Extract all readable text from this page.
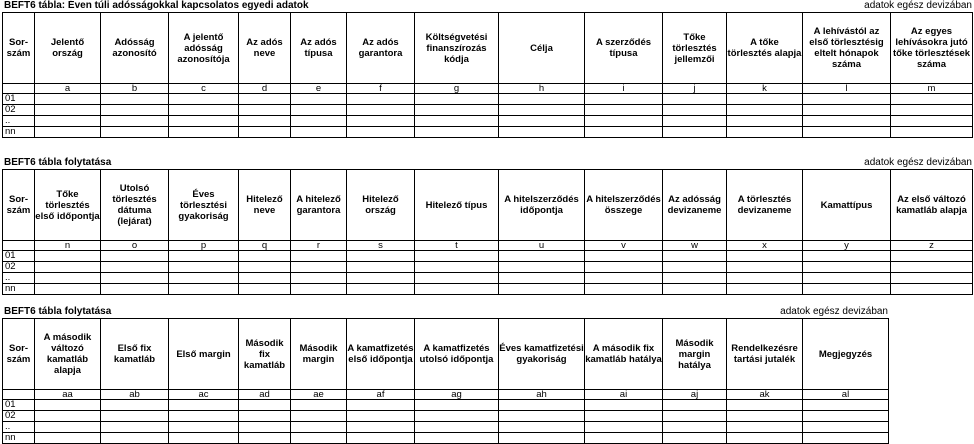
BEFT6 tábla: Éven túli adósságokkal kapcsolatos egyedi adatok	adatok egész devizában
Sor-szám	Jelentő ország	Adósság azonosító	A jelentő adósság azonosítója	Az adós neve	Az adós típusa	Az adós garantora	Költségvetési finanszírozás kódja	Célja	A szerződés típusa	Tőke törlesztés jellemzői	A tőke törlesztés alapja	A lehívástól az első törlesztésig eltelt hónapok száma	Az egyes lehívásokra jutó tőke törlesztések száma
	a	b	c	d	e	f	g	h	i	j	k	l	m
01													
02													
..													
nn													
BEFT6 tábla folytatása	adatok egész devizában
Sor-szám	Tőke törlesztés első időpontja	Utolsó törlesztés dátuma (lejárat)	Éves törlesztési gyakoriság	Hitelező neve	A hitelező garantora	Hitelező ország	Hitelező típus	A hitelszerződés időpontja	A hitelszerződés összege	Az adósság devizaneme	A törlesztés devizaneme	Kamattípus	Az első változó kamatláb alapja
	n	o	p	q	r	s	t	u	v	w	x	y	z
01													
02													
..													
nn													
BEFT6 tábla folytatása	adatok egész devizában
Sor-szám	A második változó kamatláb alapja	Első fix kamatláb	Első margin	Második fix kamatláb	Második margin	A kamatfizetés első időpontja	A kamatfizetés utolsó időpontja	Éves kamatfizetési gyakoriság	A második fix kamatláb hatálya	Második margin hatálya	Rendelkezésre tartási jutalék	Megjegyzés
	aa	ab	ac	ad	ae	af	ag	ah	ai	aj	ak	al
01												
02												
..												
nn												
